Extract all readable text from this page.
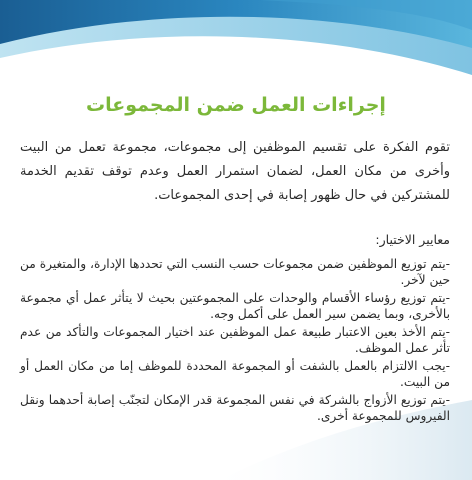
إجراءات العمل ضمن المجموعات

تقوم الفكرة على تقسيم الموظفين إلى مجموعات، مجموعة تعمل من البيت وأخرى من مكان العمل، لضمان استمرار العمل وعدم توقف تقديم الخدمة للمشتركين في حال ظهور إصابة في إحدى المجموعات.

معايير الاختيار:

-يتم توزيع الموظفين ضمن مجموعات حسب النسب التي تحددها الإدارة، والمتغيرة من حين لآخر.
-يتم توزيع رؤساء الأقسام والوحدات على المجموعتين بحيث لا يتأثر عمل أي مجموعة بالأخرى، وبما يضمن سير العمل على أكمل وجه.
-يتم الأخذ بعين الاعتبار طبيعة عمل الموظفين عند اختيار المجموعات والتأكد من عدم تأثر عمل الموظف.
-يجب الالتزام بالعمل بالشفت أو المجموعة المحددة للموظف إما من مكان العمل أو من البيت.
-يتم توزيع الأزواج بالشركة في نفس المجموعة قدر الإمكان لتجنّب إصابة أحدهما ونقل الفيروس للمجموعة أخرى.
